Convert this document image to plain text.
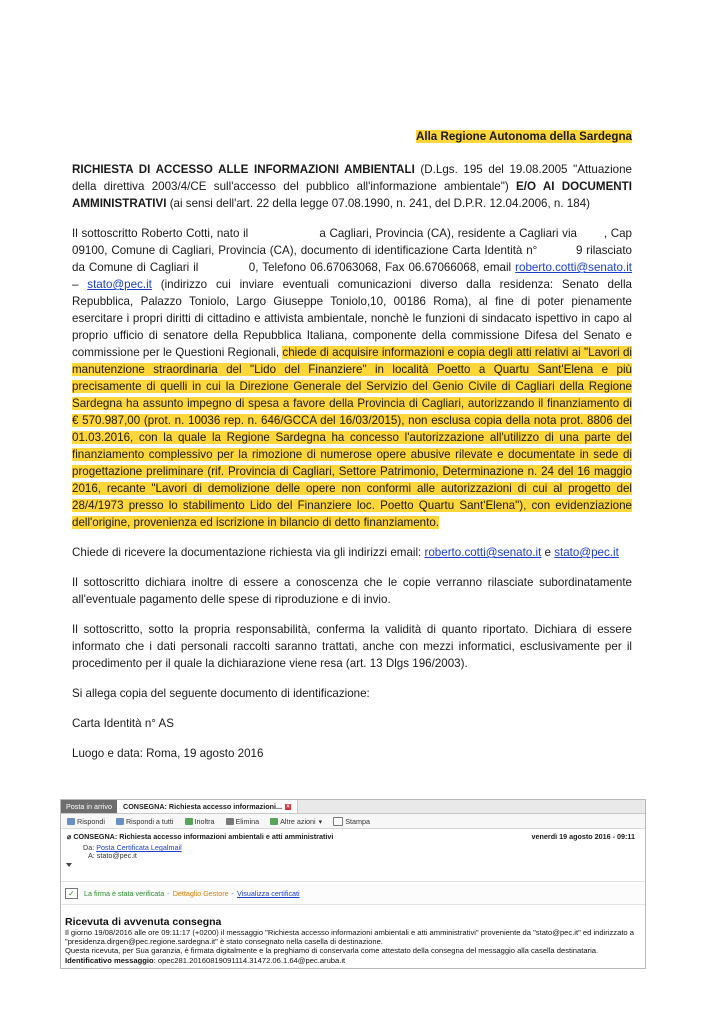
Alla Regione Autonoma della Sardegna

RICHIESTA DI ACCESSO ALLE INFORMAZIONI AMBIENTALI (D.Lgs. 195 del 19.08.2005 "Attuazione della direttiva 2003/4/CE sull'accesso del pubblico all'informazione ambientale") E/O AI DOCUMENTI AMMINISTRATIVI (ai sensi dell'art. 22 della legge 07.08.1990, n. 241, del D.P.R. 12.04.2006, n. 184)

Il sottoscritto Roberto Cotti, nato il	a Cagliari, Provincia (CA), residente a Cagliari via , Cap 09100, Comune di Cagliari, Provincia (CA), documento di identificazione Carta Identità n°	9 rilasciato da Comune di Cagliari il	0, Telefono 06.67063068, Fax 06.67066068, email roberto.cotti@senato.it – stato@pec.it (indirizzo cui inviare eventuali comunicazioni diverso dalla residenza: Senato della Repubblica, Palazzo Toniolo, Largo Giuseppe Toniolo,10, 00186 Roma), al fine di poter pienamente esercitare i propri diritti di cittadino e attivista ambientale, nonchè le funzioni di sindacato ispettivo in capo al proprio ufficio di senatore della Repubblica Italiana, componente della commissione Difesa del Senato e commissione per le Questioni Regionali, chiede di acquisire informazioni e copia degli atti relativi ai "Lavori di manutenzione straordinaria del "Lido del Finanziere" in località Poetto a Quartu Sant'Elena e più precisamente di quelli in cui la Direzione Generale del Servizio del Genio Civile di Cagliari della Regione Sardegna ha assunto impegno di spesa a favore della Provincia di Cagliari, autorizzando il finanziamento di € 570.987,00 (prot. n. 10036 rep. n. 646/GCCA del 16/03/2015), non esclusa copia della nota prot. 8806 del 01.03.2016, con la quale la Regione Sardegna ha concesso l'autorizzazione all'utilizzo di una parte del finanziamento complessivo per la rimozione di numerose opere abusive rilevate e documentate in sede di progettazione preliminare (rif. Provincia di Cagliari, Settore Patrimonio, Determinazione n. 24 del 16 maggio 2016, recante "Lavori di demolizione delle opere non conformi alle autorizzazioni di cui al progetto del 28/4/1973 presso lo stabilimento Lido del Finanziere loc. Poetto Quartu Sant'Elena"), con evidenziazione dell'origine, provenienza ed iscrizione in bilancio di detto finanziamento.

Chiede di ricevere la documentazione richiesta via gli indirizzi email: roberto.cotti@senato.it e stato@pec.it

Il sottoscritto dichiara inoltre di essere a conoscenza che le copie verranno rilasciate subordinatamente all'eventuale pagamento delle spese di riproduzione e di invio.

Il sottoscritto, sotto la propria responsabilità, conferma la validità di quanto riportato. Dichiara di essere informato che i dati personali raccolti saranno trattati, anche con mezzi informatici, esclusivamente per il procedimento per il quale la dichiarazione viene resa (art. 13 Dlgs 196/2003).

Si allega copia del seguente documento di identificazione:

Carta Identità n° AS

Luogo e data: Roma, 19 agosto 2016

Posta in arrivo	CONSEGNA: Richiesta accesso informazioni... ×
Rispondi	Rispondi a tutti	Inoltra	Elimina	Altre azioni ▾	Stampa
⌀ CONSEGNA: Richiesta accesso informazioni ambientali e atti amministrativi	venerdì 19 agosto 2016 - 09:11
Da: Posta Certificata Legalmail
A: stato@pec.it
✓	La firma è stata verificata - Dettaglio Gestore - Visualizza certificati
Ricevuta di avvenuta consegna
Il giorno 19/08/2016 alle ore 09:11:17 (+0200) il messaggio "Richiesta accesso informazioni ambientali e atti amministrativi" proveniente da "stato@pec.it" ed indirizzato a "presidenza.dirgen@pec.regione.sardegna.it" è stato consegnato nella casella di destinazione.
Questa ricevuta, per Sua garanzia, è firmata digitalmente e la preghiamo di conservarla come attestato della consegna del messaggio alla casella destinataria.
Identificativo messaggio: opec281.20160819091114.31472.06.1.64@pec.aruba.it
